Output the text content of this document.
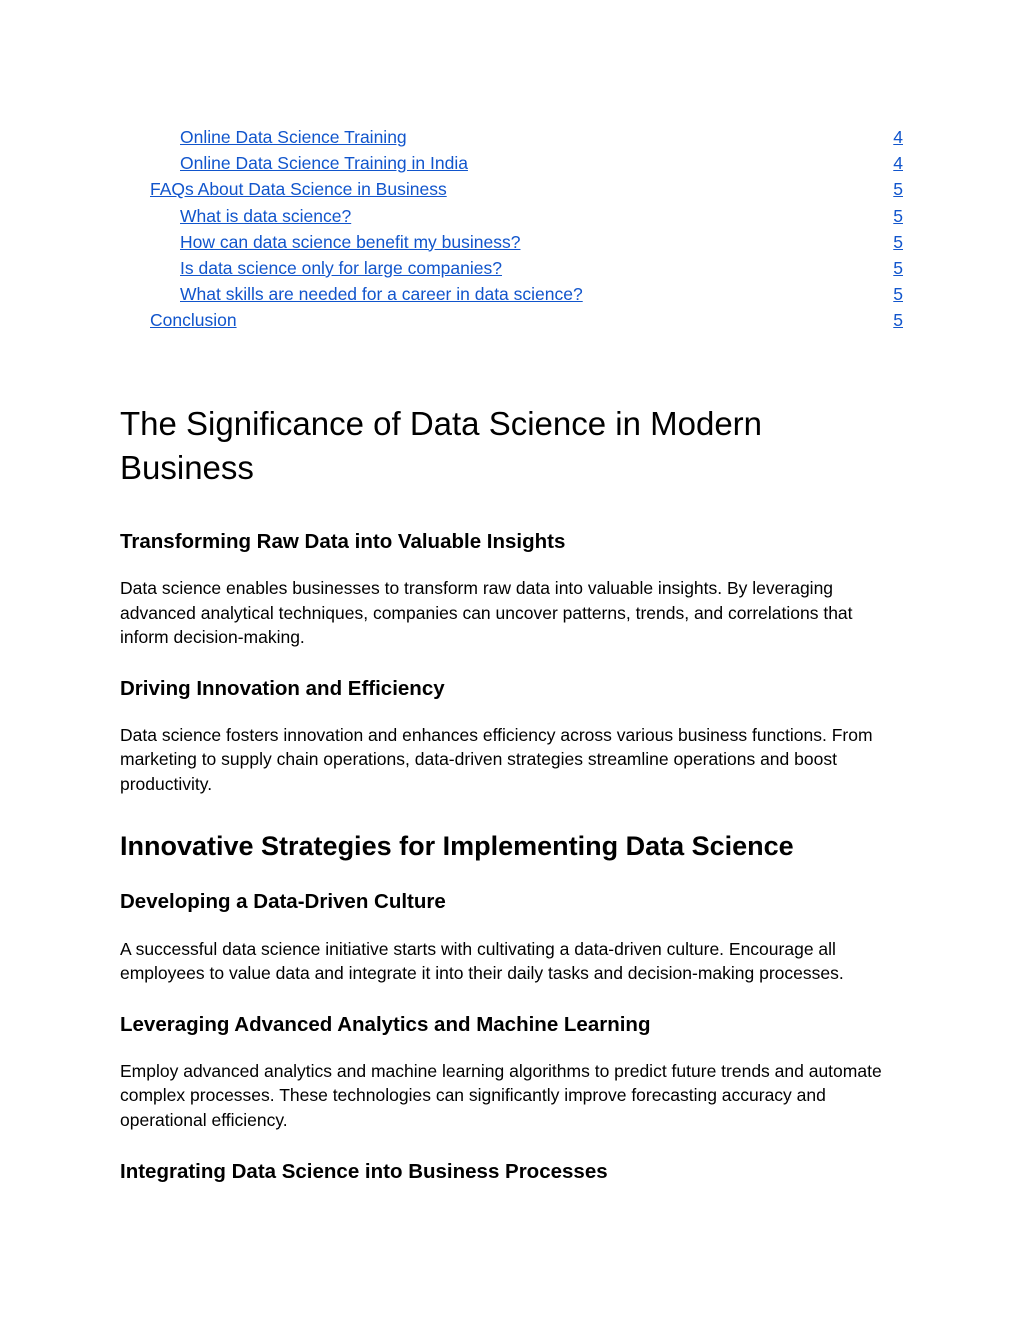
Online Data Science Training	4
Online Data Science Training in India	4
FAQs About Data Science in Business	5
What is data science?	5
How can data science benefit my business?	5
Is data science only for large companies?	5
What skills are needed for a career in data science?	5
Conclusion	5
The Significance of Data Science in Modern Business
Transforming Raw Data into Valuable Insights

Data science enables businesses to transform raw data into valuable insights. By leveraging advanced analytical techniques, companies can uncover patterns, trends, and correlations that inform decision-making.

Driving Innovation and Efficiency

Data science fosters innovation and enhances efficiency across various business functions. From marketing to supply chain operations, data-driven strategies streamline operations and boost productivity.

Innovative Strategies for Implementing Data Science
Developing a Data-Driven Culture

A successful data science initiative starts with cultivating a data-driven culture. Encourage all employees to value data and integrate it into their daily tasks and decision-making processes.

Leveraging Advanced Analytics and Machine Learning

Employ advanced analytics and machine learning algorithms to predict future trends and automate complex processes. These technologies can significantly improve forecasting accuracy and operational efficiency.

Integrating Data Science into Business Processes
